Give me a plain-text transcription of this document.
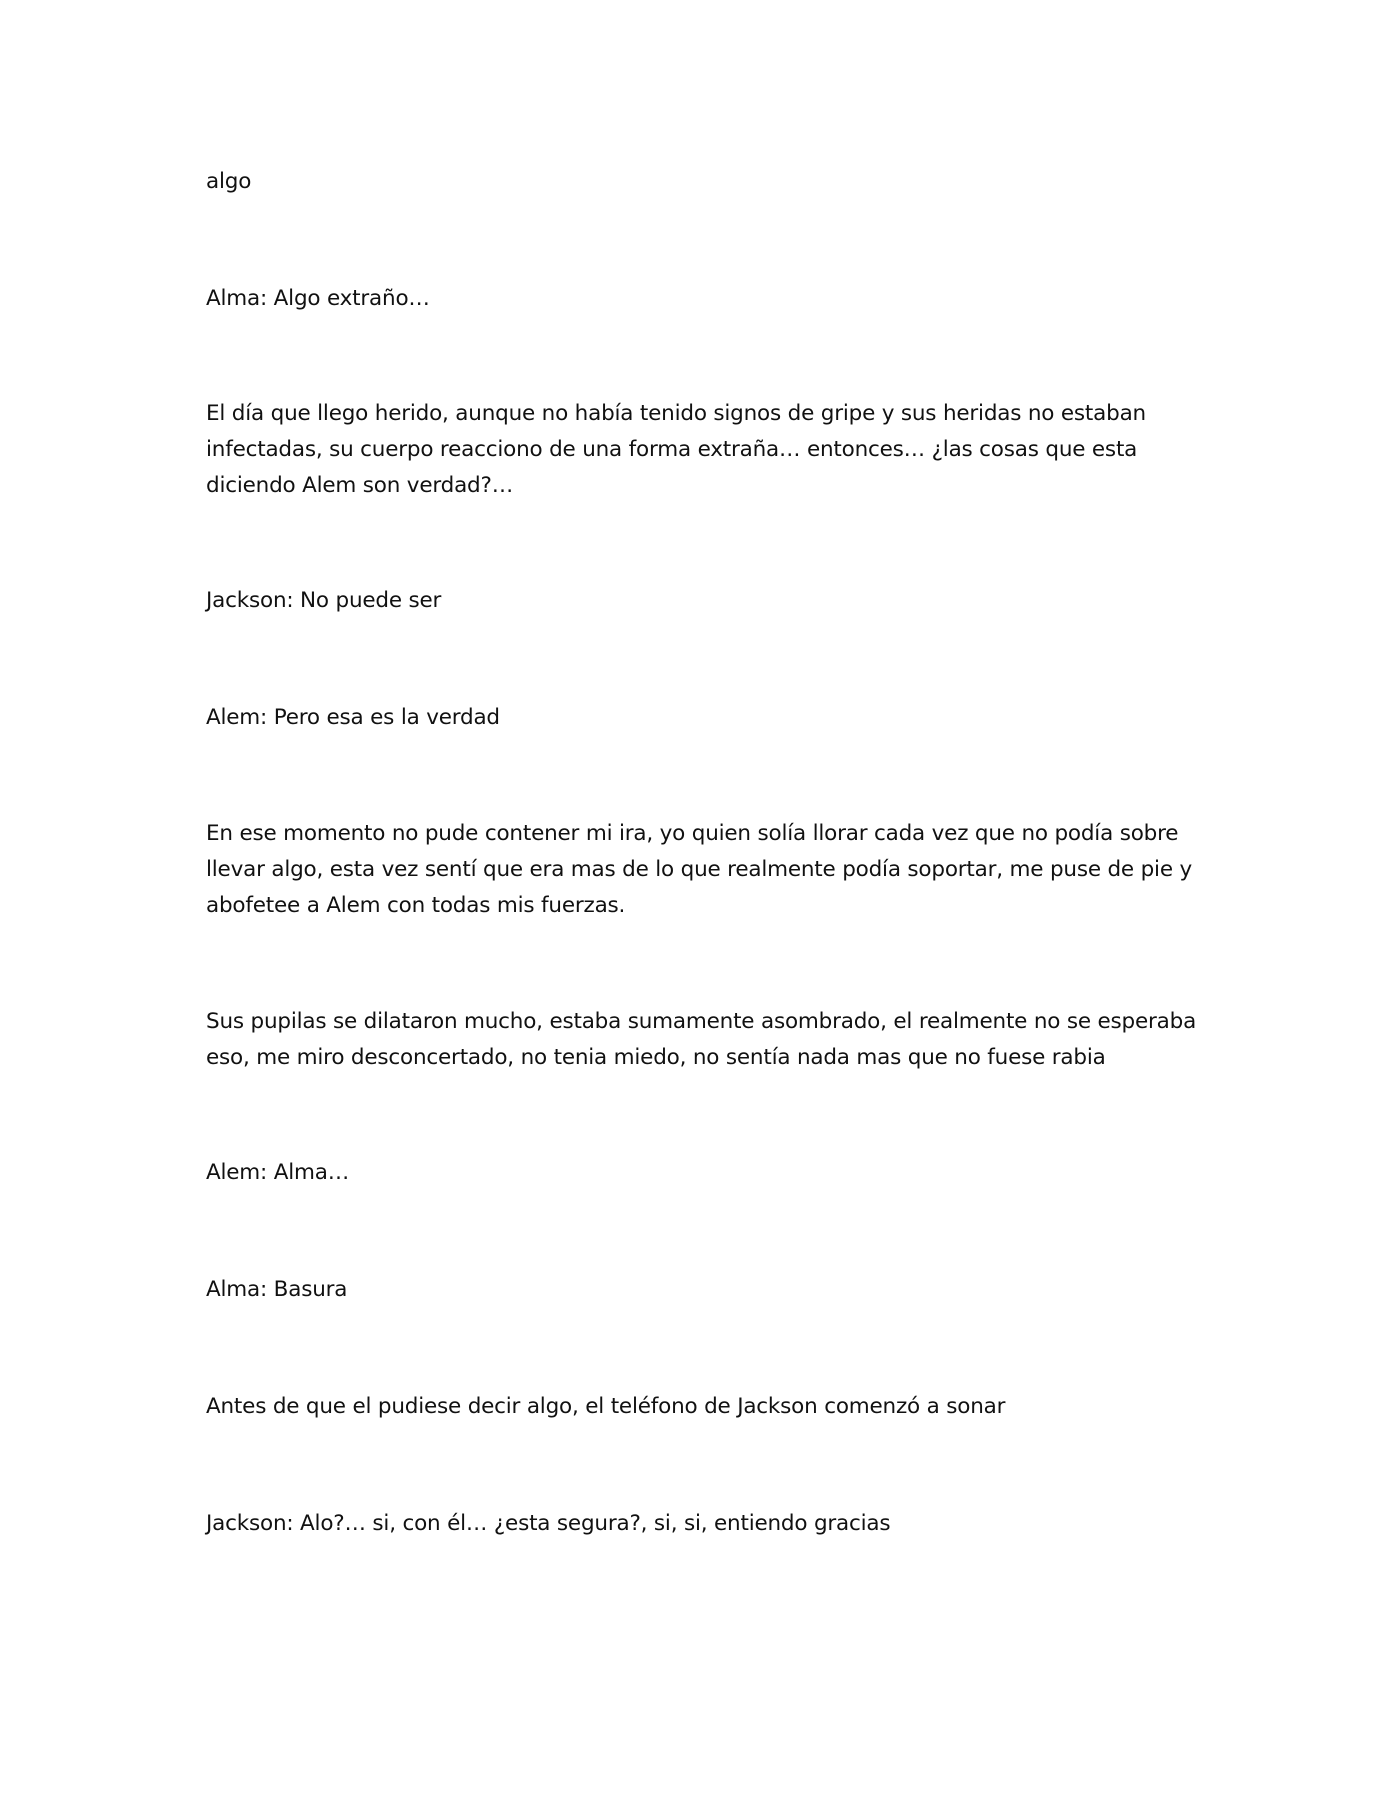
algo

Alma: Algo extraño…

El día que llego herido, aunque no había tenido signos de gripe y sus heridas no estaban infectadas, su cuerpo reacciono de una forma extraña… entonces… ¿las cosas que esta diciendo Alem son verdad?…

Jackson: No puede ser

Alem: Pero esa es la verdad

En ese momento no pude contener mi ira, yo quien solía llorar cada vez que no podía sobre llevar algo, esta vez sentí que era mas de lo que realmente podía soportar, me puse de pie y abofetee a Alem con todas mis fuerzas.

Sus pupilas se dilataron mucho, estaba sumamente asombrado, el realmente no se esperaba eso, me miro desconcertado, no tenia miedo, no sentía nada mas que no fuese rabia

Alem: Alma…

Alma: Basura

Antes de que el pudiese decir algo, el teléfono de Jackson comenzó a sonar

Jackson: Alo?… si, con él… ¿esta segura?, si, si, entiendo gracias
